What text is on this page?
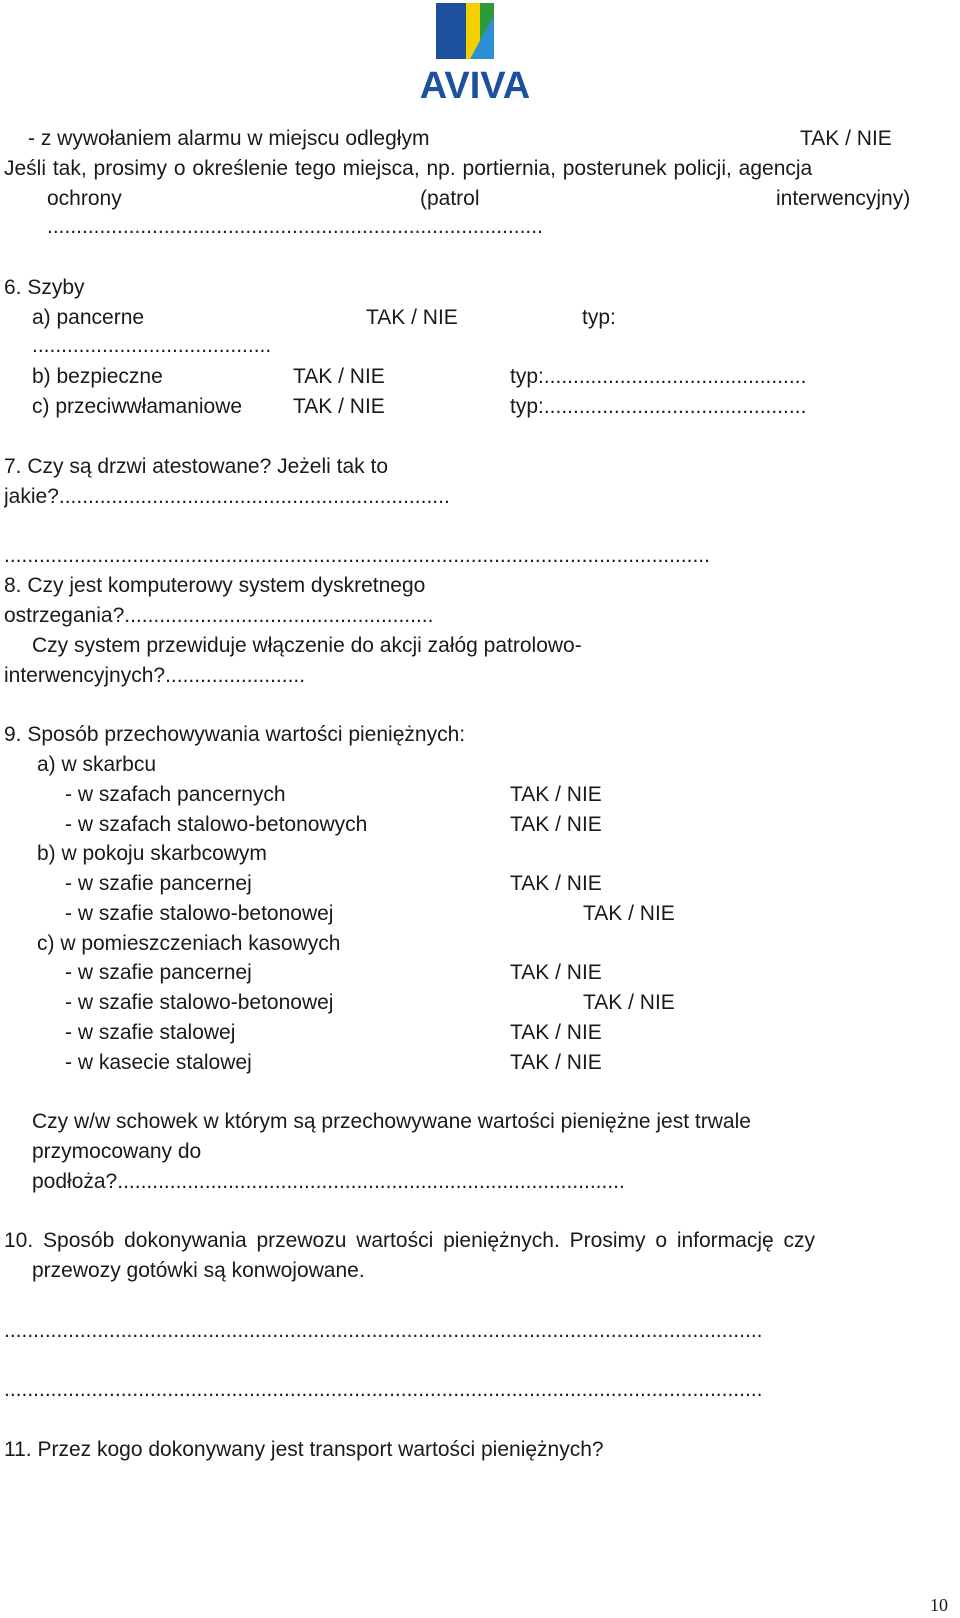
AVIVA
- z wywołaniem alarmu w miejscu odległym	TAK / NIE
Jeśli tak, prosimy o określenie tego miejsca, np. portiernia, posterunek policji, agencja
ochrony	(patrol	interwencyjny)
.....................................................................................
6. Szyby
a) pancerne	TAK / NIE	typ:
.........................................
b) bezpieczne	TAK / NIE	typ:.............................................
c) przeciwwłamaniowe TAK / NIE	typ:.............................................
7. Czy są drzwi atestowane? Jeżeli tak to
jakie?...................................................................
.........................................................................................................................
8. Czy jest komputerowy system dyskretnego
ostrzegania?.....................................................
Czy system przewiduje włączenie do akcji załóg patrolowo-
interwencyjnych?........................
9. Sposób przechowywania wartości pieniężnych:
a) w skarbcu
- w szafach pancernych	TAK / NIE
- w szafach stalowo-betonowych	TAK / NIE
b) w pokoju skarbcowym
- w szafie pancernej	TAK / NIE
- w szafie stalowo-betonowej	TAK / NIE
c) w pomieszczeniach kasowych
- w szafie pancernej	TAK / NIE
- w szafie stalowo-betonowej	TAK / NIE
- w szafie stalowej	TAK / NIE
- w kasecie stalowej	TAK / NIE
Czy w/w schowek w którym są przechowywane wartości pieniężne jest trwale
przymocowany do
podłoża?.......................................................................................
10. Sposób dokonywania przewozu wartości pieniężnych. Prosimy o informację czy
przewozy gotówki są konwojowane.
..................................................................................................................................
..................................................................................................................................
11. Przez kogo dokonywany jest transport wartości pieniężnych?
10
